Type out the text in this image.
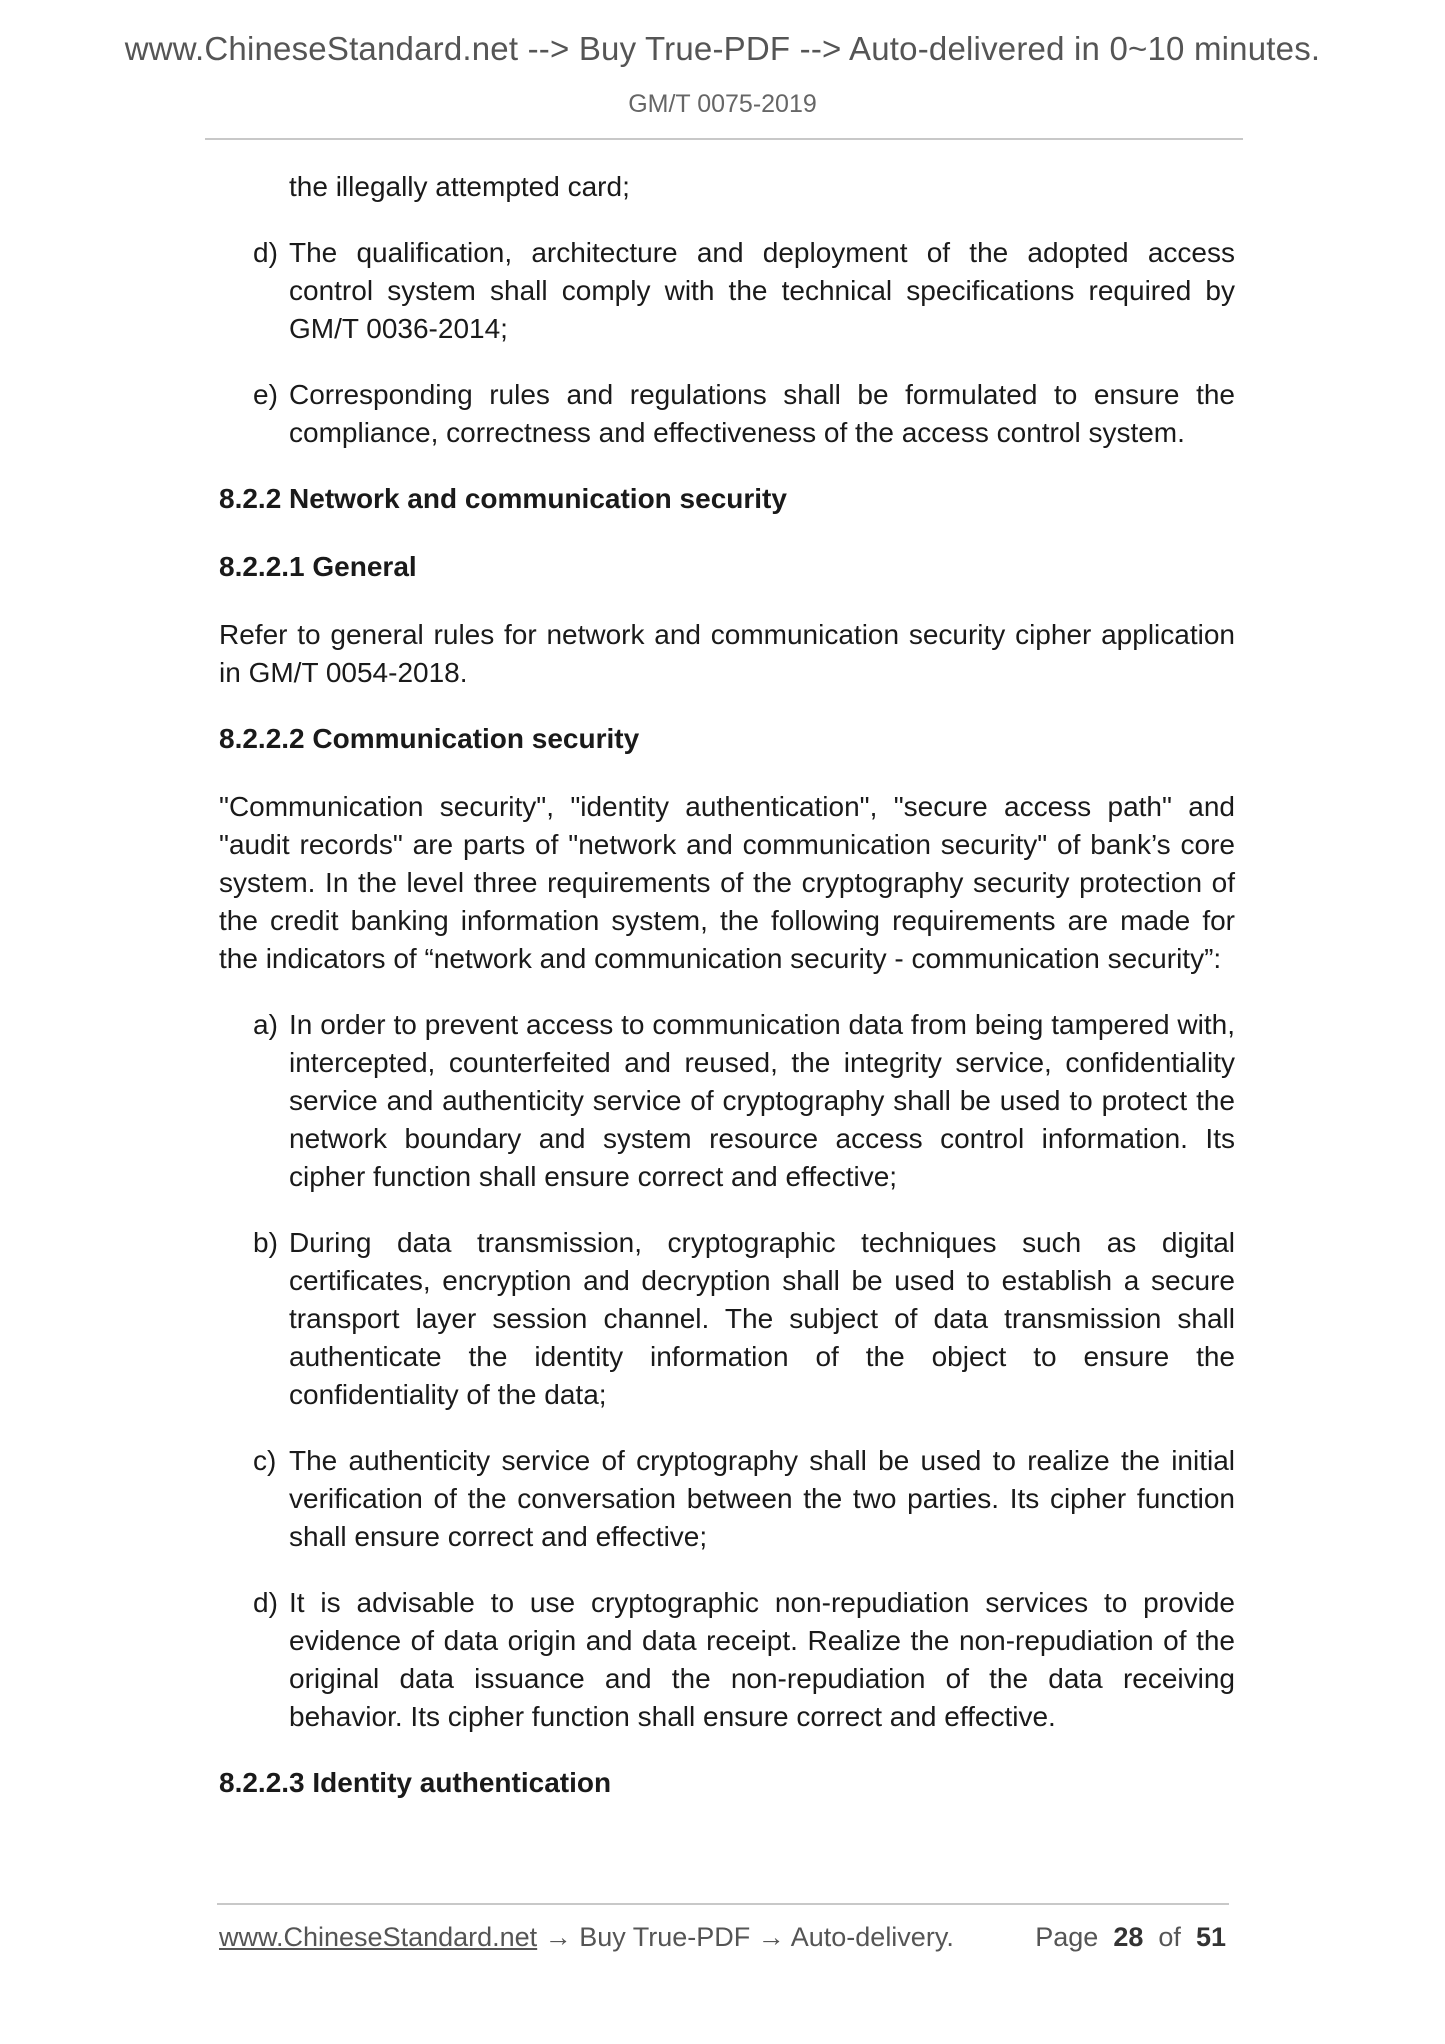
www.ChineseStandard.net --> Buy True-PDF --> Auto-delivered in 0~10 minutes.
GM/T 0075-2019

the illegally attempted card;

d) The qualification, architecture and deployment of the adopted access control system shall comply with the technical specifications required by GM/T 0036-2014;
e) Corresponding rules and regulations shall be formulated to ensure the compliance, correctness and effectiveness of the access control system.

8.2.2 Network and communication security

8.2.2.1 General

Refer to general rules for network and communication security cipher application in GM/T 0054-2018.

8.2.2.2 Communication security

"Communication security", "identity authentication", "secure access path" and "audit records" are parts of "network and communication security" of bank’s core system. In the level three requirements of the cryptography security protection of the credit banking information system, the following requirements are made for the indicators of “network and communication security - communication security”:

a) In order to prevent access to communication data from being tampered with, intercepted, counterfeited and reused, the integrity service, confidentiality service and authenticity service of cryptography shall be used to protect the network boundary and system resource access control information. Its cipher function shall ensure correct and effective;
b) During data transmission, cryptographic techniques such as digital certificates, encryption and decryption shall be used to establish a secure transport layer session channel. The subject of data transmission shall authenticate the identity information of the object to ensure the confidentiality of the data;
c) The authenticity service of cryptography shall be used to realize the initial verification of the conversation between the two parties. Its cipher function shall ensure correct and effective;
d) It is advisable to use cryptographic non-repudiation services to provide evidence of data origin and data receipt. Realize the non-repudiation of the original data issuance and the non-repudiation of the data receiving behavior. Its cipher function shall ensure correct and effective.

8.2.2.3 Identity authentication

www.ChineseStandard.net → Buy True-PDF → Auto-delivery.	Page 28 of 51
